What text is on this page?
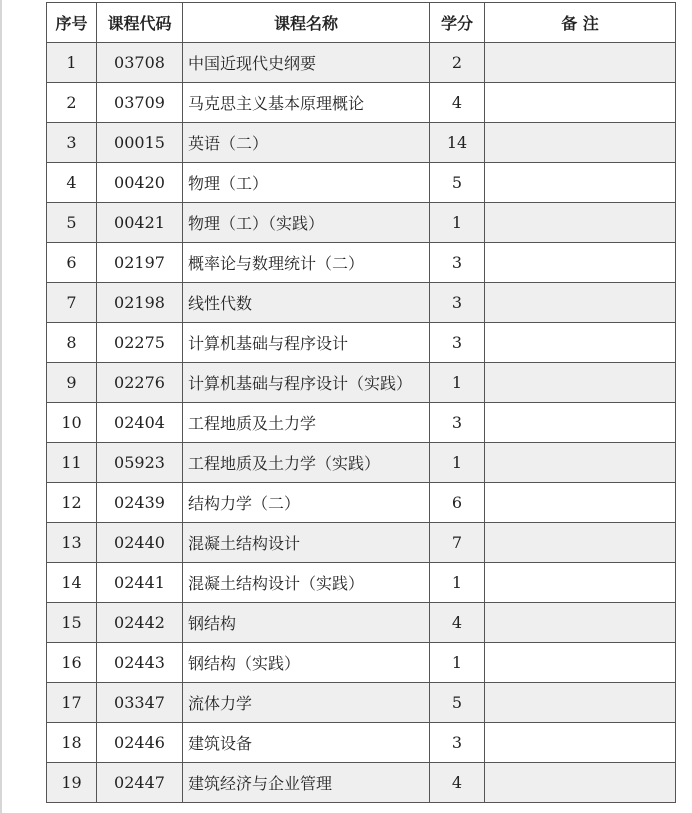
序号	课程代码	课程名称	学分	备 注
1	03708	中国近现代史纲要	2	
2	03709	马克思主义基本原理概论	4	
3	00015	英语（二）	14	
4	00420	物理（工）	5	
5	00421	物理（工）（实践）	1	
6	02197	概率论与数理统计（二）	3	
7	02198	线性代数	3	
8	02275	计算机基础与程序设计	3	
9	02276	计算机基础与程序设计（实践）	1	
10	02404	工程地质及土力学	3	
11	05923	工程地质及土力学（实践）	1	
12	02439	结构力学（二）	6	
13	02440	混凝土结构设计	7	
14	02441	混凝土结构设计（实践）	1	
15	02442	钢结构	4	
16	02443	钢结构（实践）	1	
17	03347	流体力学	5	
18	02446	建筑设备	3	
19	02447	建筑经济与企业管理	4	
